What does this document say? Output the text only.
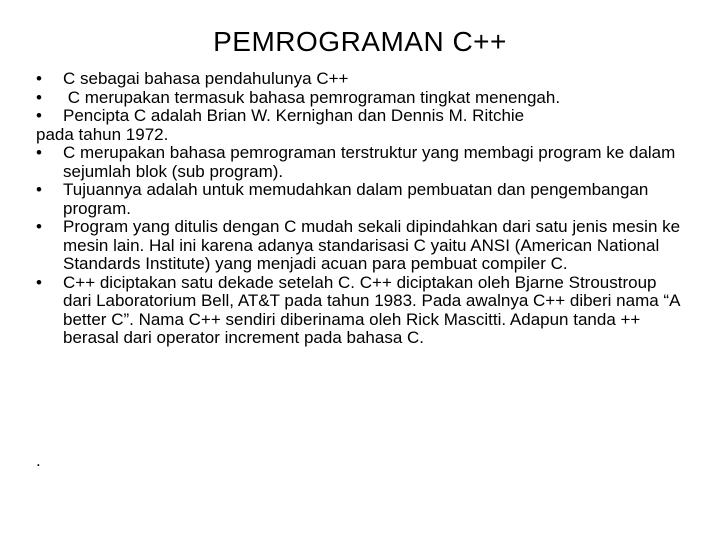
PEMROGRAMAN C++
• C sebagai bahasa pendahulunya C++
• C merupakan termasuk bahasa pemrograman tingkat menengah.
• Pencipta C adalah Brian W. Kernighan dan Dennis M. Ritchie
pada tahun 1972.
• C merupakan bahasa pemrograman terstruktur yang membagi program ke dalam sejumlah blok (sub program).
• Tujuannya adalah untuk memudahkan dalam pembuatan dan pengembangan program.
• Program yang ditulis dengan C mudah sekali dipindahkan dari satu jenis mesin ke mesin lain. Hal ini karena adanya standarisasi C yaitu ANSI (American National Standards Institute) yang menjadi acuan para pembuat compiler C.
• C++ diciptakan satu dekade setelah C. C++ diciptakan oleh Bjarne Stroustroup dari Laboratorium Bell, AT&T pada tahun 1983. Pada awalnya C++ diberi nama “A better C”. Nama C++ sendiri diberinama oleh Rick Mascitti. Adapun tanda ++ berasal dari operator increment pada bahasa C.
.
